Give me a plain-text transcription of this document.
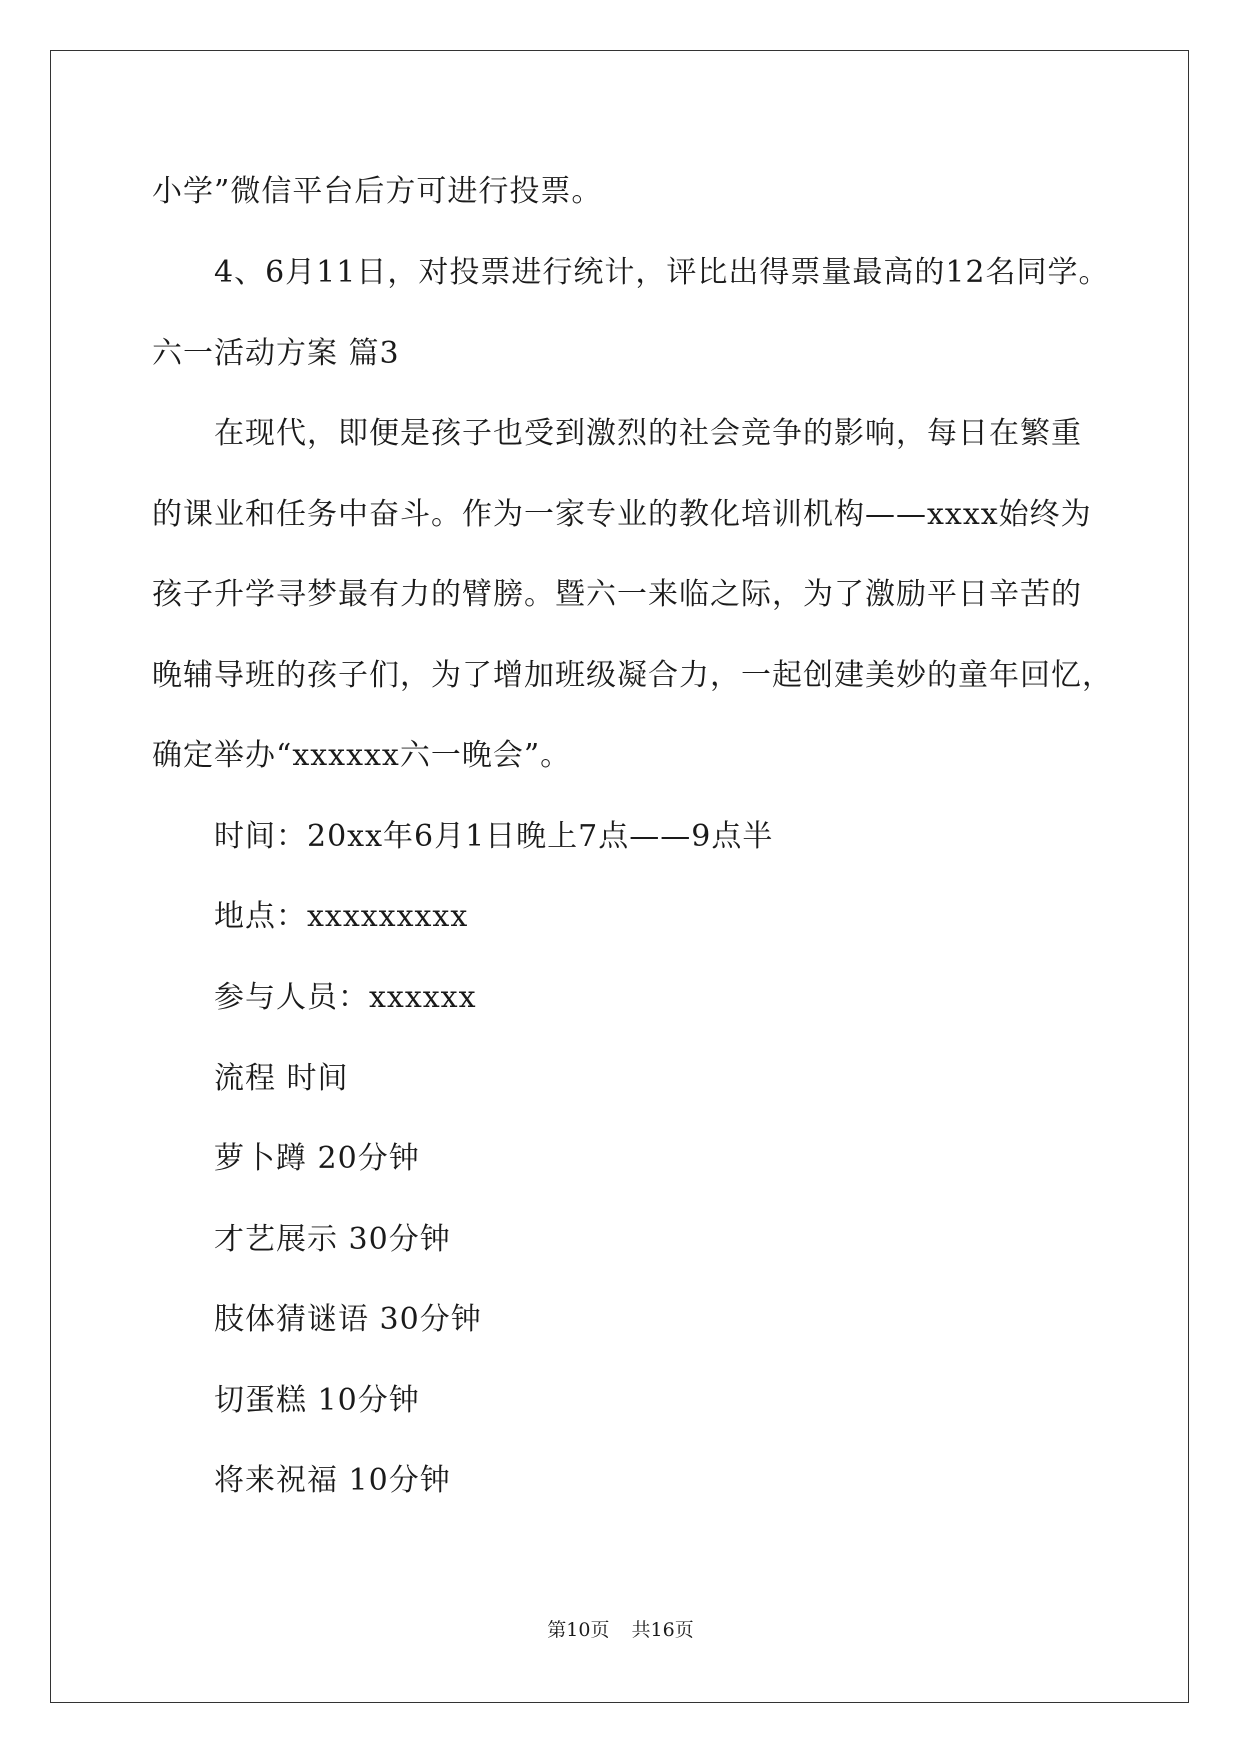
小学”微信平台后方可进行投票。
4、6月11日，对投票进行统计，评比出得票量最高的12名同学。
六一活动方案 篇3
在现代，即便是孩子也受到激烈的社会竞争的影响，每日在繁重
的课业和任务中奋斗。作为一家专业的教化培训机构——xxxx始终为
孩子升学寻梦最有力的臂膀。暨六一来临之际，为了激励平日辛苦的
晚辅导班的孩子们，为了增加班级凝合力，一起创建美妙的童年回忆，
确定举办“xxxxxx六一晚会”。
时间：20xx年6月1日晚上7点——9点半
地点：xxxxxxxxx
参与人员：xxxxxx
流程 时间
萝卜蹲 20分钟
才艺展示 30分钟
肢体猜谜语 30分钟
切蛋糕 10分钟
将来祝福 10分钟
第10页 共16页
